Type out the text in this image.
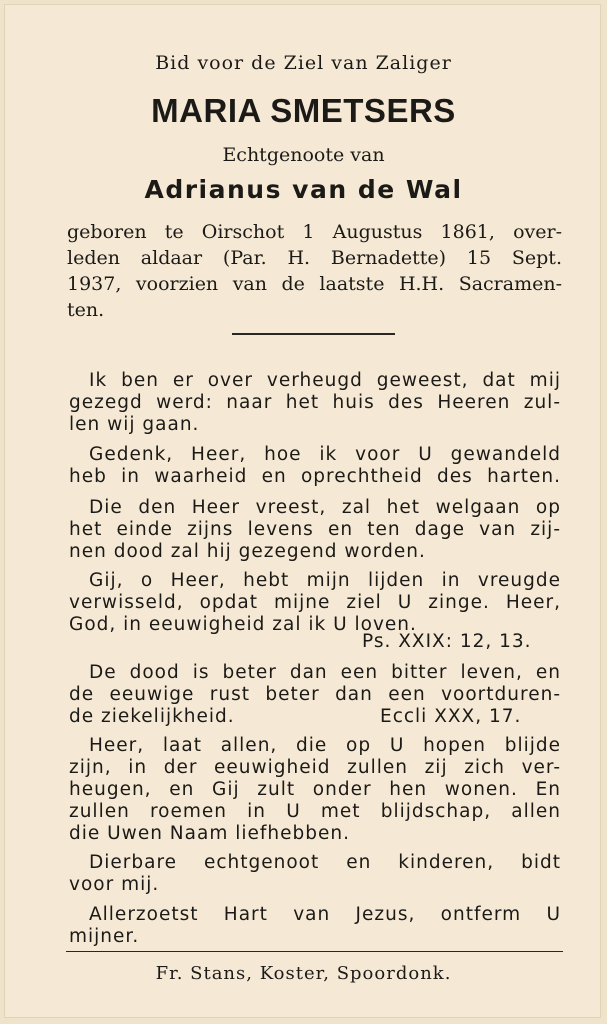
Bid voor de Ziel van Zaliger

MARIA SMETSERS

Echtgenoote van

Adrianus van de Wal

geboren te Oirschot 1 Augustus 1861, over-

leden aldaar (Par. H. Bernadette) 15 Sept.

1937, voorzien van de laatste H.H. Sacramen-

ten.

Ik ben er over verheugd geweest, dat mij

gezegd werd: naar het huis des Heeren zul-

len wij gaan.

Gedenk, Heer, hoe ik voor U gewandeld

heb in waarheid en oprechtheid des harten.

Die den Heer vreest, zal het welgaan op

het einde zijns levens en ten dage van zij-

nen dood zal hij gezegend worden.

Gij, o Heer, hebt mijn lijden in vreugde

verwisseld, opdat mijne ziel U zinge. Heer,

God, in eeuwigheid zal ik U loven.

Ps. XXIX: 12, 13.

De dood is beter dan een bitter leven, en

de eeuwige rust beter dan een voortduren-

de ziekelijkheid.	Eccli XXX, 17.

Heer, laat allen, die op U hopen blijde

zijn, in der eeuwigheid zullen zij zich ver-

heugen, en Gij zult onder hen wonen. En

zullen roemen in U met blijdschap, allen

die Uwen Naam liefhebben.

Dierbare echtgenoot en kinderen, bidt

voor mij.

Allerzoetst Hart van Jezus, ontferm U

mijner.

Fr. Stans, Koster, Spoordonk.
